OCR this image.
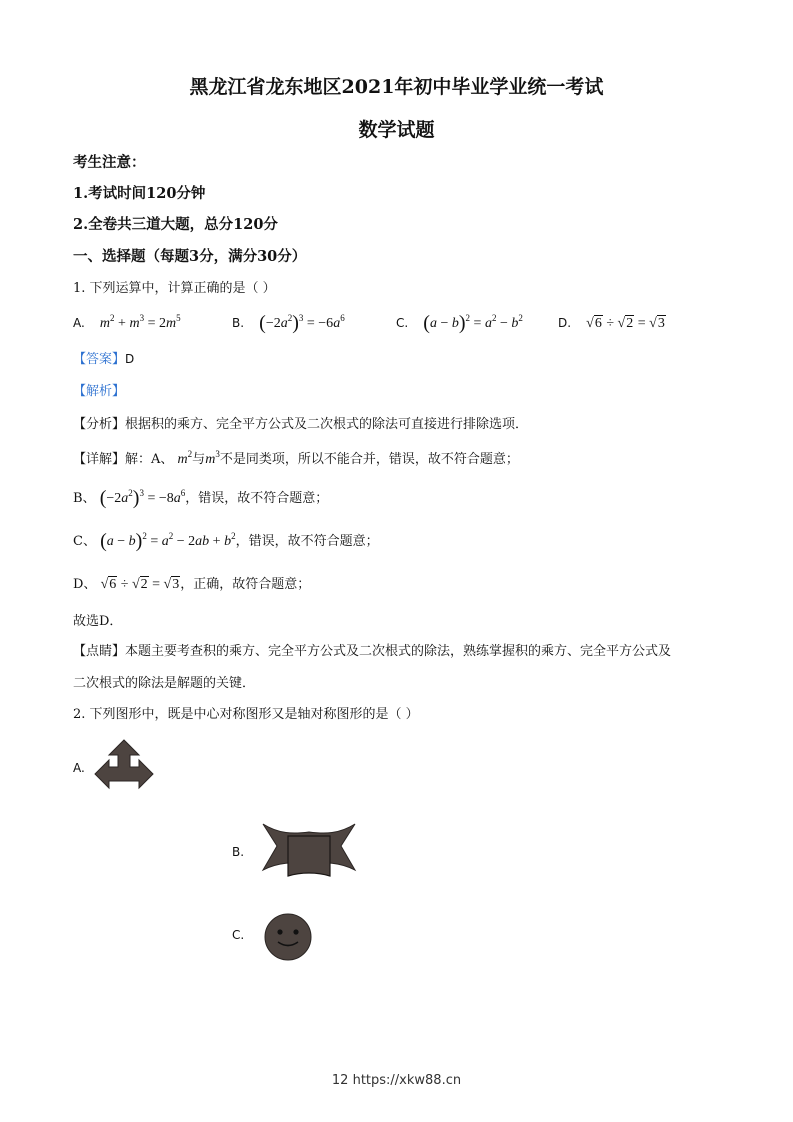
黑龙江省龙东地区2021年初中毕业学业统一考试
数学试题
考生注意：
1.考试时间120分钟
2.全卷共三道大题，总分120分
一、选择题（每题3分，满分30分）
1. 下列运算中，计算正确的是（ ）
A. $m^2 + m^3 = 2m^5$	B. $(-2a^2)^3 = -6a^6$	C. $(a - b)^2 = a^2 - b^2$	D. √6 ÷ √2 = √3
【答案】D
【解析】
【分析】根据积的乘方、完全平方公式及二次根式的除法可直接进行排除选项．
【详解】解：A、 $m^2$与$m^3$不是同类项，所以不能合并，错误，故不符合题意；
B、 $(-2a^2)^3 = -8a^6$，错误，故不符合题意；
C、 $(a - b)^2 = a^2 - 2ab + b^2$，错误，故不符合题意；
D、 √6 ÷ √2 = √3，正确，故符合题意；
故选D．
【点睛】本题主要考查积的乘方、完全平方公式及二次根式的除法，熟练掌握积的乘方、完全平方公式及
二次根式的除法是解题的关键．
2. 下列图形中，既是中心对称图形又是轴对称图形的是（ ）
A.
B.
C.
12 https://xkw88.cn
